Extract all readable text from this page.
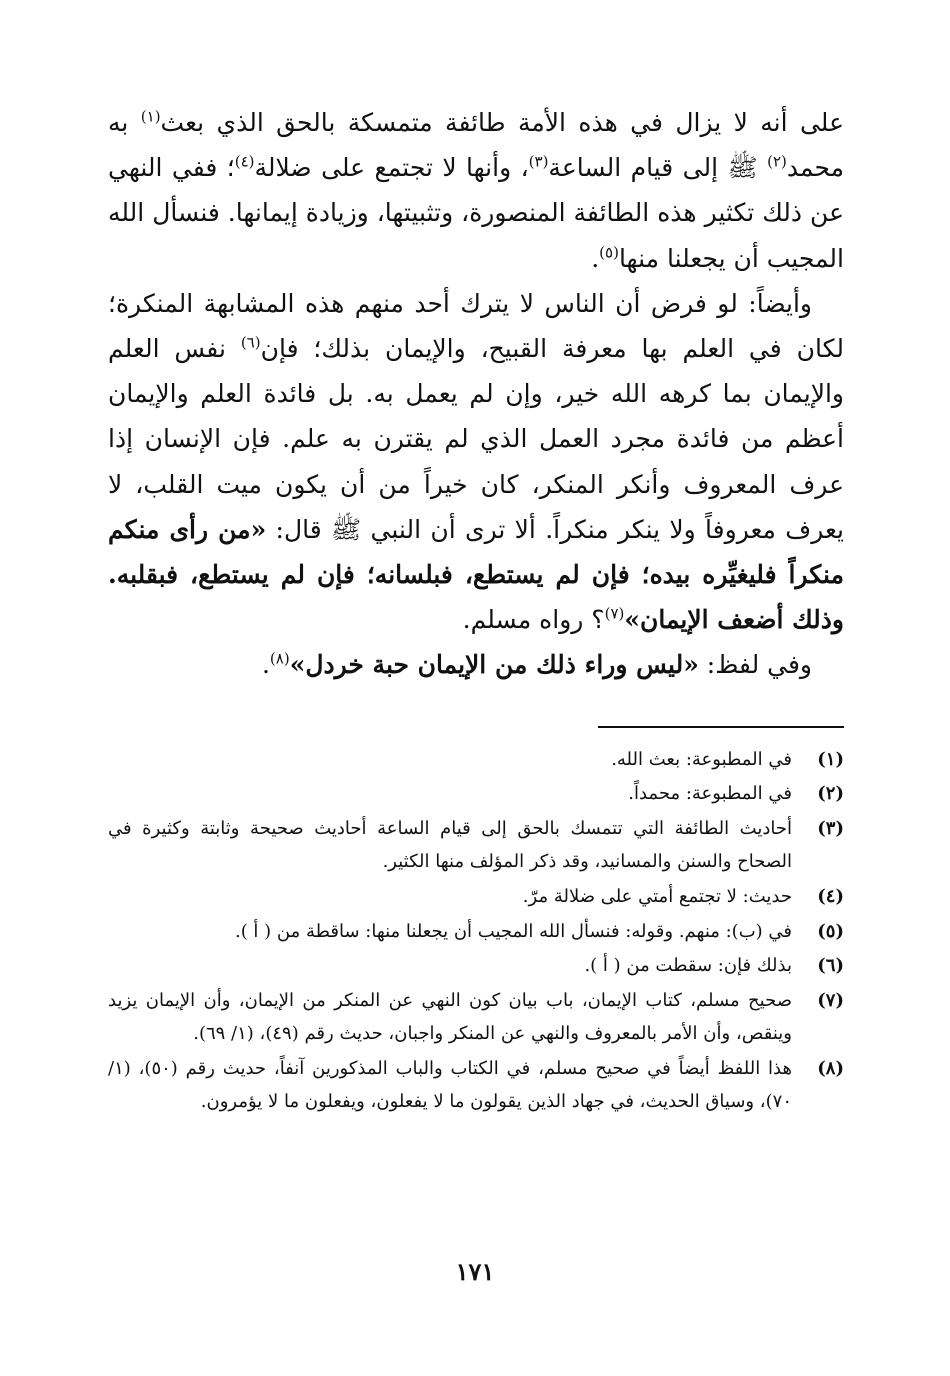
على أنه لا يزال في هذه الأمة طائفة متمسكة بالحق الذي بعث$^{(١)}$ به محمد$^{(٢)}$ ﷺ إلى قيام الساعة$^{(٣)}$، وأنها لا تجتمع على ضلالة$^{(٤)}$؛ ففي النهي عن ذلك تكثير هذه الطائفة المنصورة، وتثبيتها، وزيادة إيمانها. فنسأل الله المجيب أن يجعلنا منها$^{(٥)}$.

وأيضاً: لو فرض أن الناس لا يترك أحد منهم هذه المشابهة المنكرة؛ لكان في العلم بها معرفة القبيح، والإيمان بذلك؛ فإن$^{(٦)}$ نفس العلم والإيمان بما كرهه الله خير، وإن لم يعمل به. بل فائدة العلم والإيمان أعظم من فائدة مجرد العمل الذي لم يقترن به علم. فإن الإنسان إذا عرف المعروف وأنكر المنكر، كان خيراً من أن يكون ميت القلب، لا يعرف معروفاً ولا ينكر منكراً. ألا ترى أن النبي ﷺ قال: «من رأى منكم منكراً فليغيِّره بيده؛ فإن لم يستطع، فبلسانه؛ فإن لم يستطع، فبقلبه. وذلك أضعف الإيمان»$^{(٧)}$؟ رواه مسلم.

وفي لفظ: «ليس وراء ذلك من الإيمان حبة خردل»$^{(٨)}$.

(١)
في المطبوعة: بعث الله.
(٢)
في المطبوعة: محمداً.
(٣)
أحاديث الطائفة التي تتمسك بالحق إلى قيام الساعة أحاديث صحيحة وثابتة وكثيرة في الصحاح والسنن والمسانيد، وقد ذكر المؤلف منها الكثير.
(٤)
حديث: لا تجتمع أمتي على ضلالة مرّ.
(٥)
في (ب): منهم. وقوله: فنسأل الله المجيب أن يجعلنا منها: ساقطة من ( أ ).
(٦)
بذلك فإن: سقطت من ( أ ).
(٧)
صحيح مسلم، كتاب الإيمان، باب بيان كون النهي عن المنكر من الإيمان، وأن الإيمان يزيد وينقص، وأن الأمر بالمعروف والنهي عن المنكر واجبان، حديث رقم (٤٩)، (١/ ٦٩).
(٨)
هذا اللفظ أيضاً في صحيح مسلم، في الكتاب والباب المذكورين آنفاً، حديث رقم (٥٠)، (١/ ٧٠)، وسياق الحديث، في جهاد الذين يقولون ما لا يفعلون، ويفعلون ما لا يؤمرون.
١٧١
